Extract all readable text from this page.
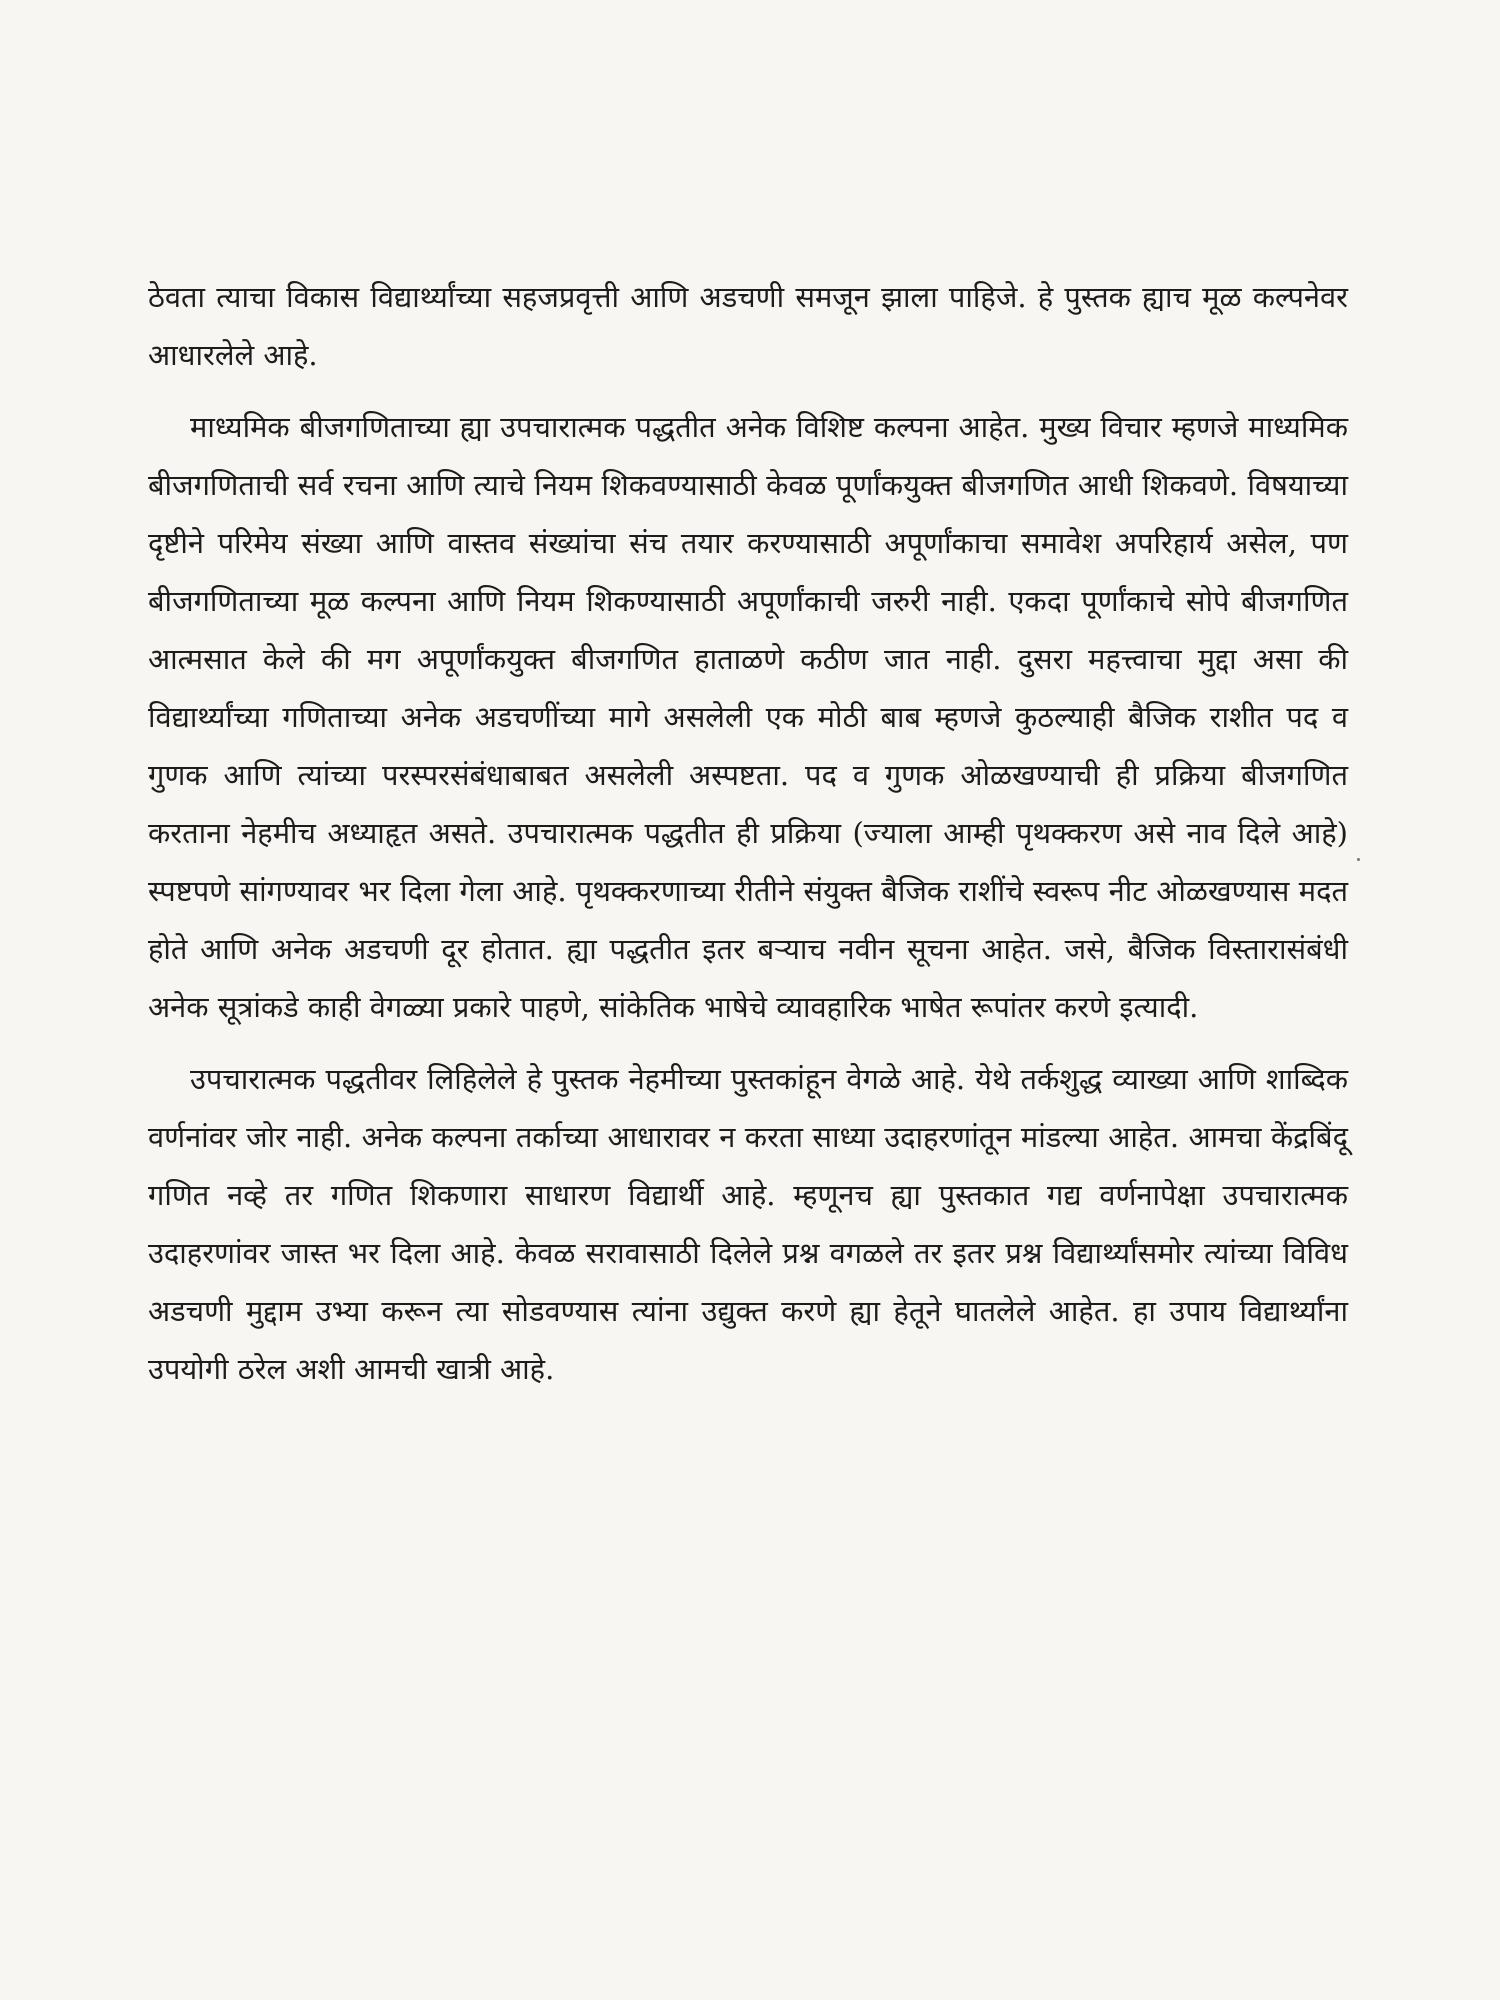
ठेवता त्याचा विकास विद्यार्थ्यांच्या सहजप्रवृत्ती आणि अडचणी समजून झाला पाहिजे. हे पुस्तक ह्याच मूळ कल्पनेवर आधारलेले आहे.

माध्यमिक बीजगणिताच्या ह्या उपचारात्मक पद्धतीत अनेक विशिष्ट कल्पना आहेत. मुख्य विचार म्हणजे माध्यमिक बीजगणिताची सर्व रचना आणि त्याचे नियम शिकवण्यासाठी केवळ पूर्णांकयुक्त बीजगणित आधी शिकवणे. विषयाच्या दृष्टीने परिमेय संख्या आणि वास्तव संख्यांचा संच तयार करण्यासाठी अपूर्णांकाचा समावेश अपरिहार्य असेल, पण बीजगणिताच्या मूळ कल्पना आणि नियम शिकण्यासाठी अपूर्णांकाची जरुरी नाही. एकदा पूर्णांकाचे सोपे बीजगणित आत्मसात केले की मग अपूर्णांकयुक्त बीजगणित हाताळणे कठीण जात नाही. दुसरा महत्त्वाचा मुद्दा असा की विद्यार्थ्यांच्या गणिताच्या अनेक अडचणींच्या मागे असलेली एक मोठी बाब म्हणजे कुठल्याही बैजिक राशीत पद व गुणक आणि त्यांच्या परस्परसंबंधाबाबत असलेली अस्पष्टता. पद व गुणक ओळखण्याची ही प्रक्रिया बीजगणित करताना नेहमीच अध्याहृत असते. उपचारात्मक पद्धतीत ही प्रक्रिया (ज्याला आम्ही पृथक्करण असे नाव दिले आहे) स्पष्टपणे सांगण्यावर भर दिला गेला आहे. पृथक्करणाच्या रीतीने संयुक्त बैजिक राशींचे स्वरूप नीट ओळखण्यास मदत होते आणि अनेक अडचणी दूर होतात. ह्या पद्धतीत इतर बऱ्याच नवीन सूचना आहेत. जसे, बैजिक विस्तारासंबंधी अनेक सूत्रांकडे काही वेगळ्या प्रकारे पाहणे, सांकेतिक भाषेचे व्यावहारिक भाषेत रूपांतर करणे इत्यादी.

उपचारात्मक पद्धतीवर लिहिलेले हे पुस्तक नेहमीच्या पुस्तकांहून वेगळे आहे. येथे तर्कशुद्ध व्याख्या आणि शाब्दिक वर्णनांवर जोर नाही. अनेक कल्पना तर्काच्या आधारावर न करता साध्या उदाहरणांतून मांडल्या आहेत. आमचा केंद्रबिंदू गणित नव्हे तर गणित शिकणारा साधारण विद्यार्थी आहे. म्हणूनच ह्या पुस्तकात गद्य वर्णनापेक्षा उपचारात्मक उदाहरणांवर जास्त भर दिला आहे. केवळ सरावासाठी दिलेले प्रश्न वगळले तर इतर प्रश्न विद्यार्थ्यांसमोर त्यांच्या विविध अडचणी मुद्दाम उभ्या करून त्या सोडवण्यास त्यांना उद्युक्त करणे ह्या हेतूने घातलेले आहेत. हा उपाय विद्यार्थ्यांना उपयोगी ठरेल अशी आमची खात्री आहे.
